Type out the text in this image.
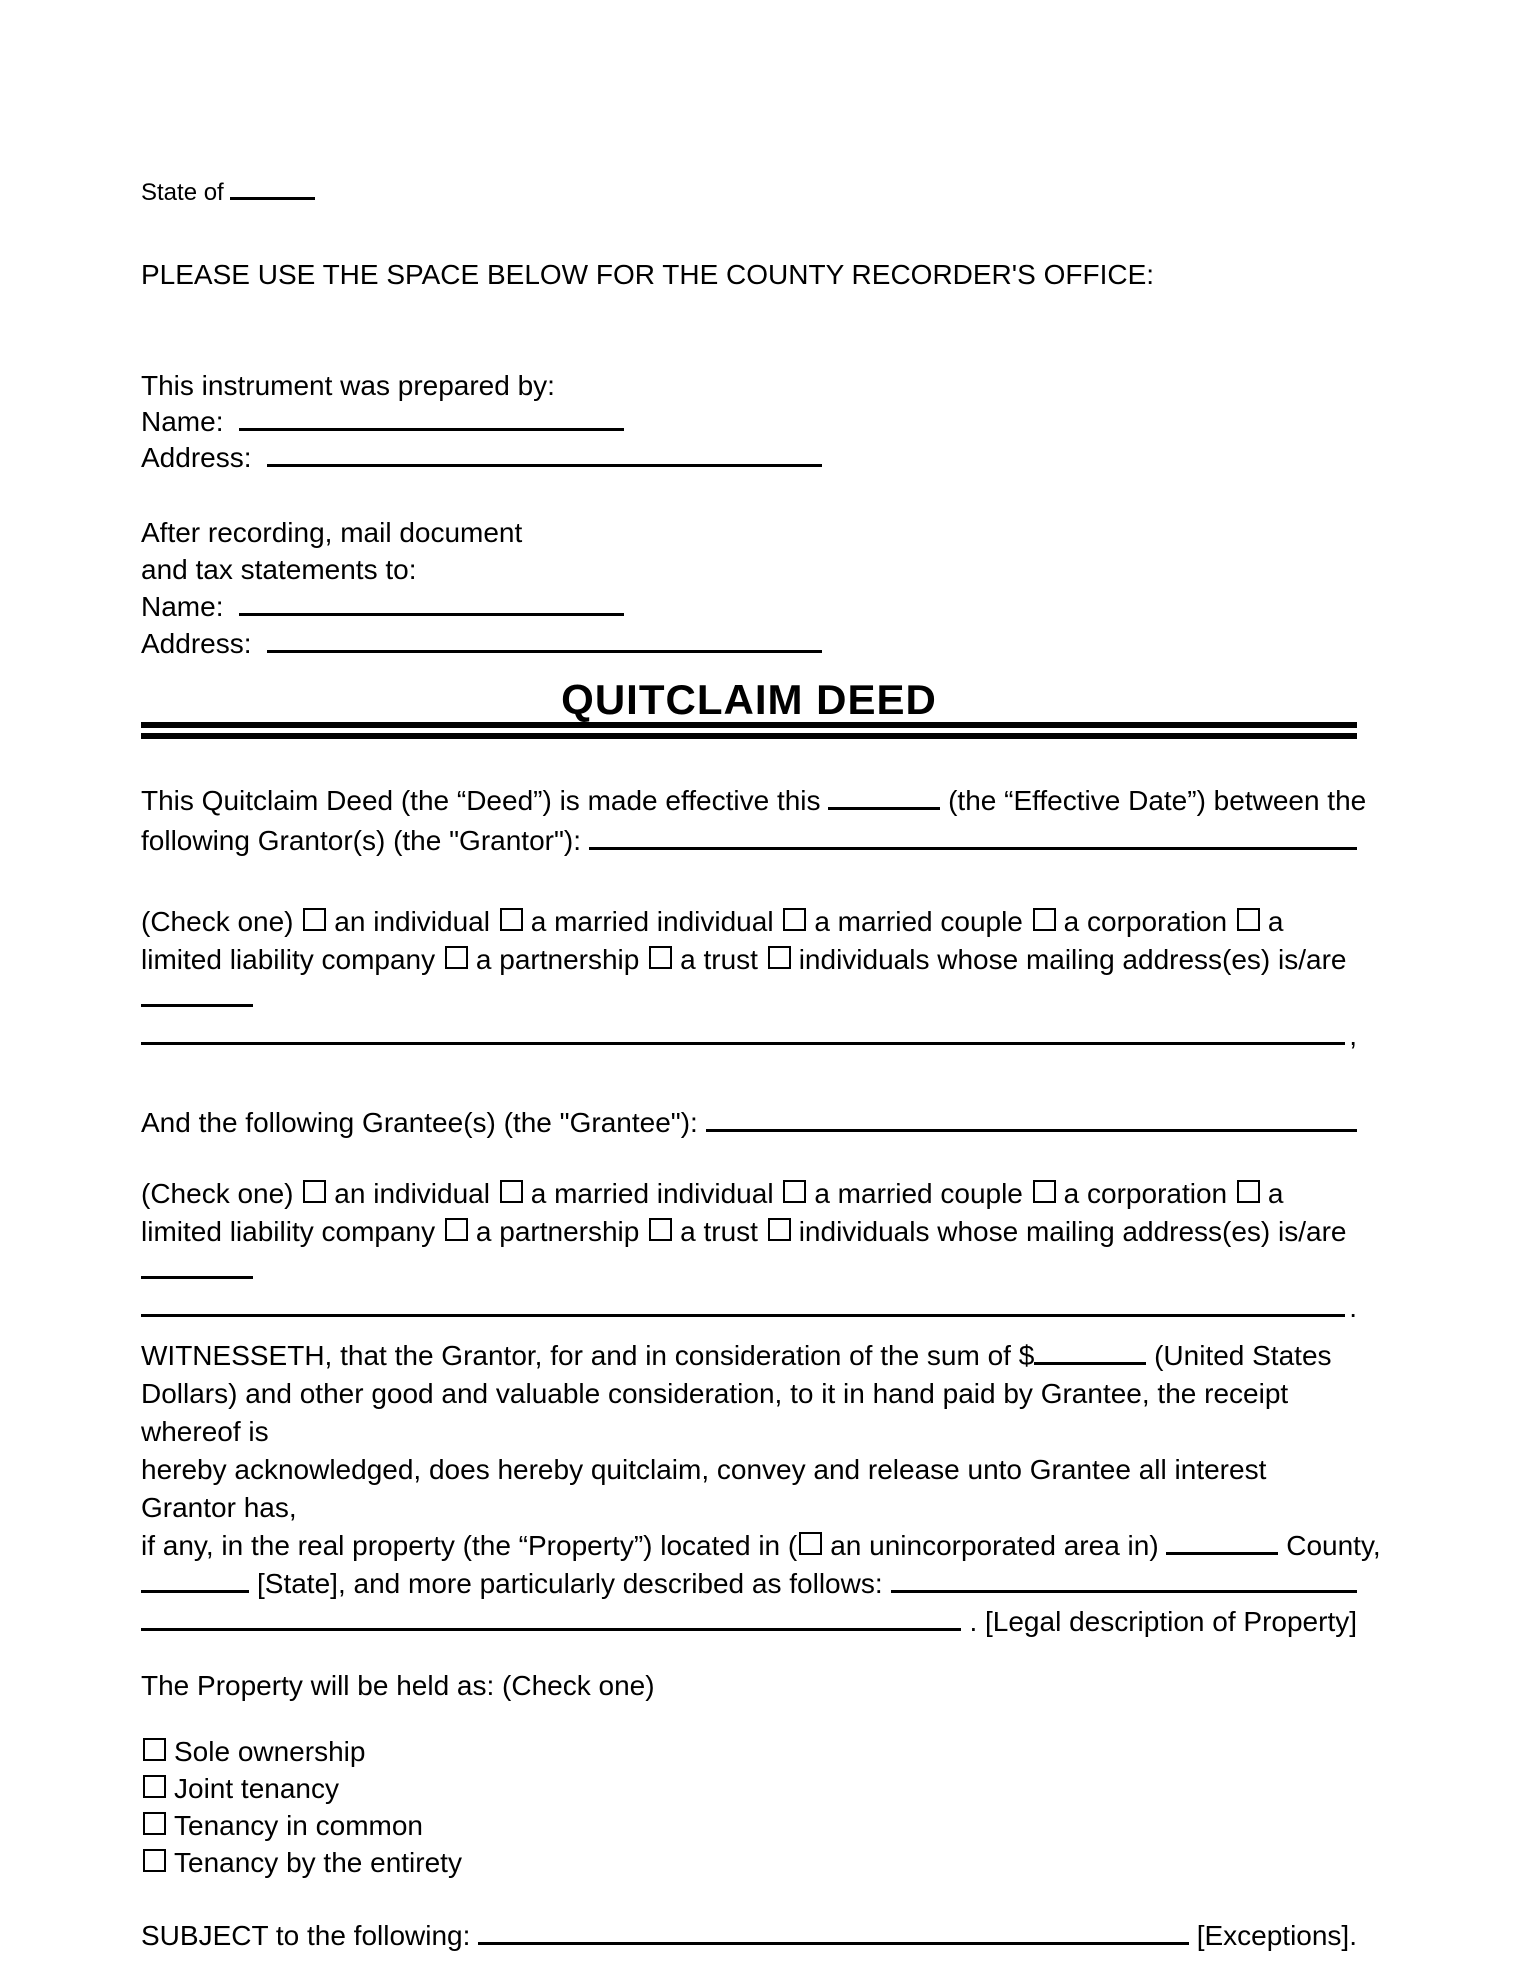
State of
PLEASE USE THE SPACE BELOW FOR THE COUNTY RECORDER'S OFFICE:
This instrument was prepared by:
Name:
Address:
After recording, mail document
and tax statements to:
Name:
Address:
QUITCLAIM DEED
This Quitclaim Deed (the “Deed”) is made effective this	(the “Effective Date”) between the
following Grantor(s) (the "Grantor"):
(Check one) an individual a married individual a married couple a corporation a limited liability company a partnership a trust individuals whose mailing address(es) is/are
,
And the following Grantee(s) (the "Grantee"):
(Check one) an individual a married individual a married couple a corporation a limited liability company a partnership a trust individuals whose mailing address(es) is/are
.
WITNESSETH, that the Grantor, for and in consideration of the sum of $	(United States
Dollars) and other good and valuable consideration, to it in hand paid by Grantee, the receipt whereof is
hereby acknowledged, does hereby quitclaim, convey and release unto Grantee all interest Grantor has,
if any, in the real property (the “Property”) located in ( an unincorporated area in)	County,
[State], and more particularly described as follows:
. [Legal description of Property]
The Property will be held as: (Check one)
Sole ownership
Joint tenancy
Tenancy in common
Tenancy by the entirety
SUBJECT to the following:	[Exceptions].
